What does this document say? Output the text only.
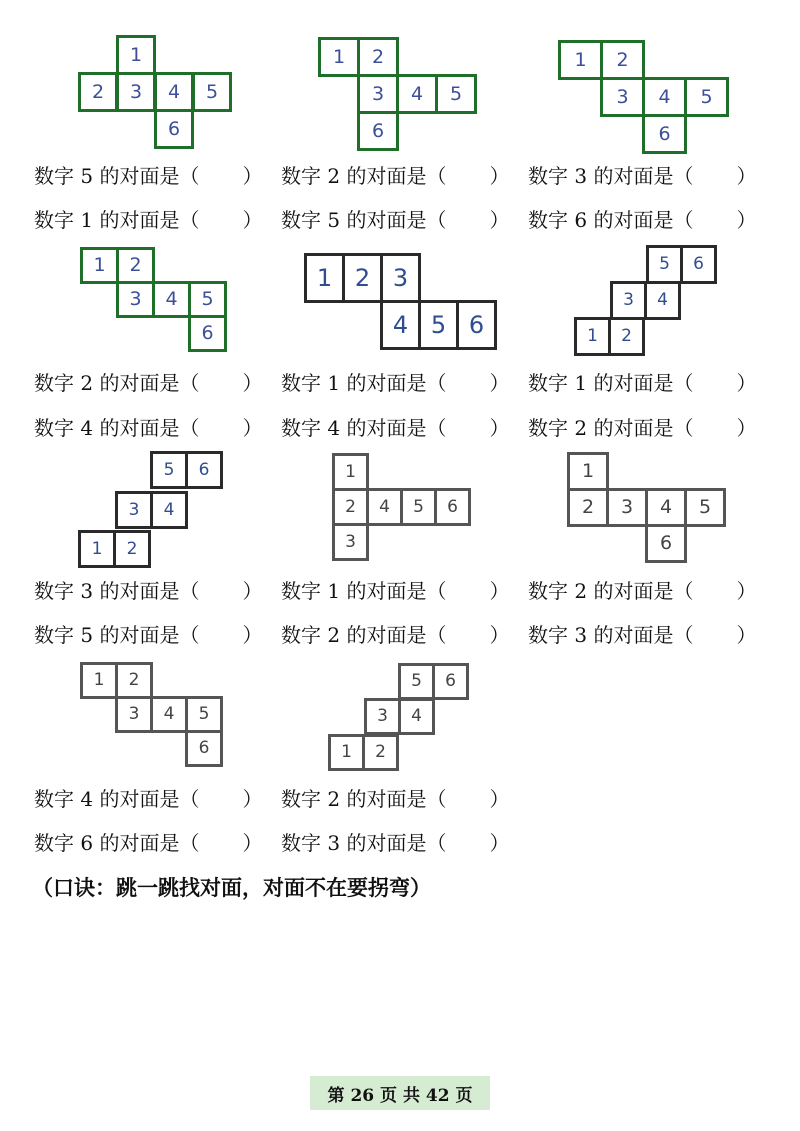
1
2	3	4	5
6
1	2
3	4	5
6
1	2
3	4	5
6
1	2
3	4	5
6
1 2 3
4 5 6
5	6
3	4
1	2
5	6
3	4
1	2
1
2	4	5	6
3
1
2	3	4	5
6
1	2
3	4	5
6
5	6
3	4
1	2
数字 5 的对面是（ ） 数字 2 的对面是（ ） 数字 3 的对面是（ ）
数字 1 的对面是（ ） 数字 5 的对面是（ ） 数字 6 的对面是（ ）
数字 2 的对面是（ ） 数字 1 的对面是（ ） 数字 1 的对面是（ ）
数字 4 的对面是（ ） 数字 4 的对面是（ ） 数字 2 的对面是（ ）
数字 3 的对面是（ ） 数字 1 的对面是（ ） 数字 2 的对面是（ ）
数字 5 的对面是（ ） 数字 2 的对面是（ ） 数字 3 的对面是（ ）
数字 4 的对面是（ ） 数字 2 的对面是（ ）
数字 6 的对面是（ ） 数字 3 的对面是（ ）
（口诀：跳一跳找对面，对面不在要拐弯）
第 26 页 共 42 页
